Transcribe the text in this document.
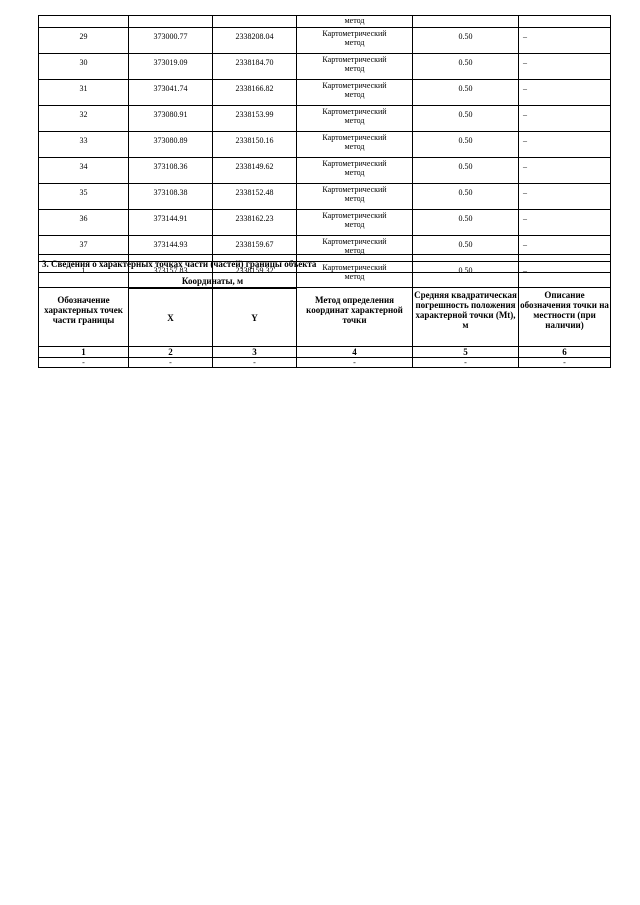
			метод		
29	373000.77	2338208.04	Картометрический
метод	0.50	–
30	373019.09	2338184.70	Картометрический
метод	0.50	–
31	373041.74	2338166.82	Картометрический
метод	0.50	–
32	373080.91	2338153.99	Картометрический
метод	0.50	–
33	373080.89	2338150.16	Картометрический
метод	0.50	–
34	373108.36	2338149.62	Картометрический
метод	0.50	–
35	373108.38	2338152.48	Картометрический
метод	0.50	–
36	373144.91	2338162.23	Картометрический
метод	0.50	–
37	373144.93	2338159.67	Картометрический
метод	0.50	–
1	373157.83	2338159.32	Картометрический
метод	0.50	–
3. Сведения о характерных точках части (частей) границы объекта					
Обозначение характерных точек части границы	Координаты, м		Метод определения координат характерной точки	Средняя квадратическая погрешность положения характерной точки (Мt), м	Описание обозначения точки на местности (при наличии)
	X	Y			
1	2	3	4	5	6
-	-	-	-	-	-
